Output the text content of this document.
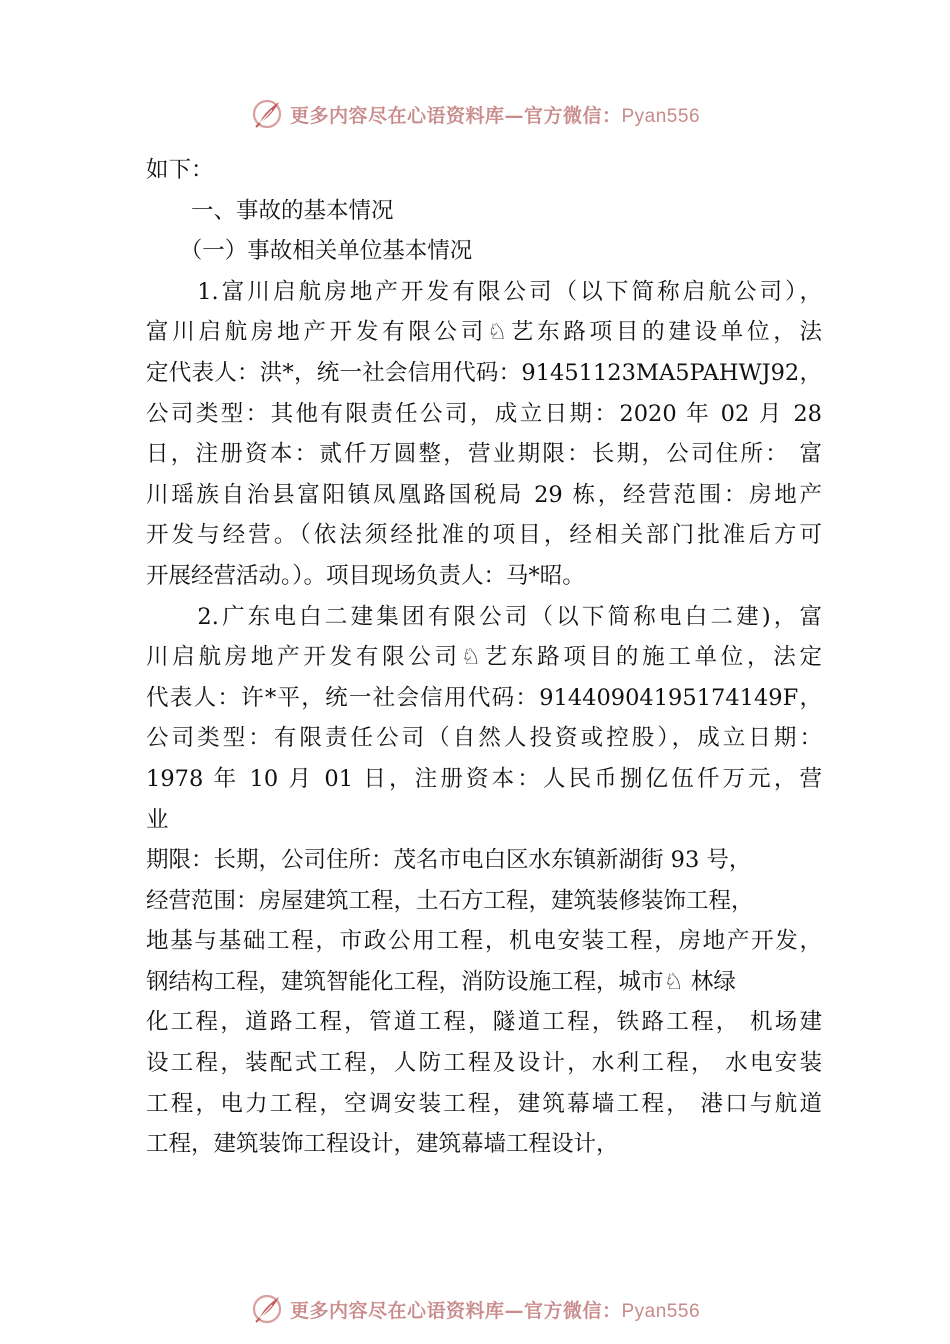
更多内容尽在心语资料库—官方微信：Pyan556
如下：
　　一、事故的基本情况
　　（一）事故相关单位基本情况
　　1.富川启航房地产开发有限公司（以下简称启航公司），
富川启航房地产开发有限公司♘艺东路项目的建设单位，法
定代表人：洪*，统一社会信用代码：91451123MA5PAHWJ92，
公司类型：其他有限责任公司，成立日期：2020 年 02 月 28
日，注册资本：贰仟万圆整，营业期限：长期，公司住所： 富
川瑶族自治县富阳镇凤凰路国税局 29 栋，经营范围：房地产
开发与经营。（依法须经批准的项目，经相关部门批准后方可
开展经营活动。）。项目现场负责人：马*昭。
　　2.广东电白二建集团有限公司（以下简称电白二建)，富
川启航房地产开发有限公司♘艺东路项目的施工单位，法定
代表人：许*平，统一社会信用代码：91440904195174149F，
公司类型：有限责任公司（自然人投资或控股），成立日期：
1978 年 10 月 01 日，注册资本：人民币捌亿伍仟万元，营
业
期限：长期，公司住所：茂名市电白区水东镇新湖街 93 号，
经营范围：房屋建筑工程，土石方工程，建筑装修装饰工程，
地基与基础工程，市政公用工程，机电安装工程，房地产开发，
钢结构工程，建筑智能化工程，消防设施工程，城市♘ 林绿
化工程，道路工程，管道工程，隧道工程，铁路工程， 机场建
设工程，装配式工程，人防工程及设计，水利工程， 水电安装
工程，电力工程，空调安装工程，建筑幕墙工程， 港口与航道
工程，建筑装饰工程设计，建筑幕墙工程设计，
更多内容尽在心语资料库—官方微信：Pyan556
